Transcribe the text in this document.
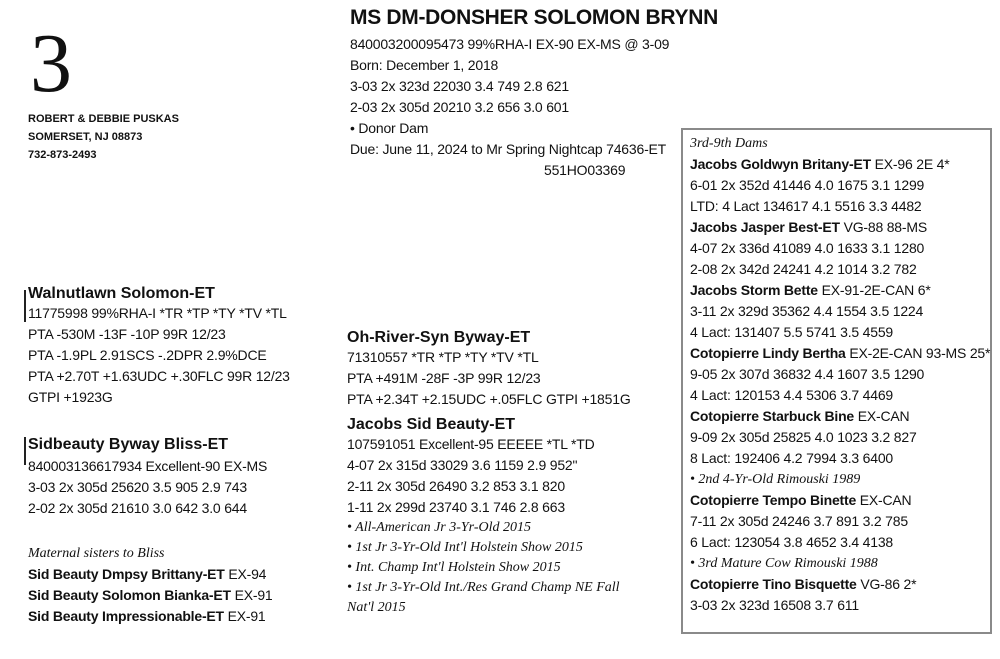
3
ROBERT & DEBBIE PUSKAS
SOMERSET, NJ 08873
732-873-2493
MS DM-DONSHER SOLOMON BRYNN
840003200095473 99%RHA-I EX-90 EX-MS @ 3-09
Born: December 1, 2018
3-03 2x 323d 22030 3.4 749 2.8 621
2-03 2x 305d 20210 3.2 656 3.0 601
• Donor Dam
Due: June 11, 2024 to Mr Spring Nightcap 74636-ET
551HO03369
Walnutlawn Solomon-ET
11775998 99%RHA-I *TR *TP *TY *TV *TL
PTA -530M -13F -10P 99R 12/23
PTA -1.9PL 2.91SCS -.2DPR 2.9%DCE
PTA +2.70T +1.63UDC +.30FLC 99R 12/23
GTPI +1923G
Sidbeauty Byway Bliss-ET
840003136617934 Excellent-90 EX-MS
3-03 2x 305d 25620 3.5 905 2.9 743
2-02 2x 305d 21610 3.0 642 3.0 644
Maternal sisters to Bliss
Sid Beauty Dmpsy Brittany-ET EX-94
Sid Beauty Solomon Bianka-ET EX-91
Sid Beauty Impressionable-ET EX-91
Oh-River-Syn Byway-ET
71310557 *TR *TP *TY *TV *TL
PTA +491M -28F -3P 99R 12/23
PTA +2.34T +2.15UDC +.05FLC GTPI +1851G
Jacobs Sid Beauty-ET
107591051 Excellent-95 EEEEE *TL *TD
4-07 2x 315d 33029 3.6 1159 2.9 952"
2-11 2x 305d 26490 3.2 853 3.1 820
1-11 2x 299d 23740 3.1 746 2.8 663
• All-American Jr 3-Yr-Old 2015
• 1st Jr 3-Yr-Old Int'l Holstein Show 2015
• Int. Champ Int'l Holstein Show 2015
• 1st Jr 3-Yr-Old Int./Res Grand Champ NE Fall
Nat'l 2015
3rd-9th Dams
Jacobs Goldwyn Britany-ET EX-96 2E 4*
6-01 2x 352d 41446 4.0 1675 3.1 1299
LTD: 4 Lact 134617 4.1 5516 3.3 4482
Jacobs Jasper Best-ET VG-88 88-MS
4-07 2x 336d 41089 4.0 1633 3.1 1280
2-08 2x 342d 24241 4.2 1014 3.2 782
Jacobs Storm Bette EX-91-2E-CAN 6*
3-11 2x 329d 35362 4.4 1554 3.5 1224
4 Lact: 131407 5.5 5741 3.5 4559
Cotopierre Lindy Bertha EX-2E-CAN 93-MS 25*
9-05 2x 307d 36832 4.4 1607 3.5 1290
4 Lact: 120153 4.4 5306 3.7 4469
Cotopierre Starbuck Bine EX-CAN
9-09 2x 305d 25825 4.0 1023 3.2 827
8 Lact: 192406 4.2 7994 3.3 6400
• 2nd 4-Yr-Old Rimouski 1989
Cotopierre Tempo Binette EX-CAN
7-11 2x 305d 24246 3.7 891 3.2 785
6 Lact: 123054 3.8 4652 3.4 4138
• 3rd Mature Cow Rimouski 1988
Cotopierre Tino Bisquette VG-86 2*
3-03 2x 323d 16508 3.7 611
